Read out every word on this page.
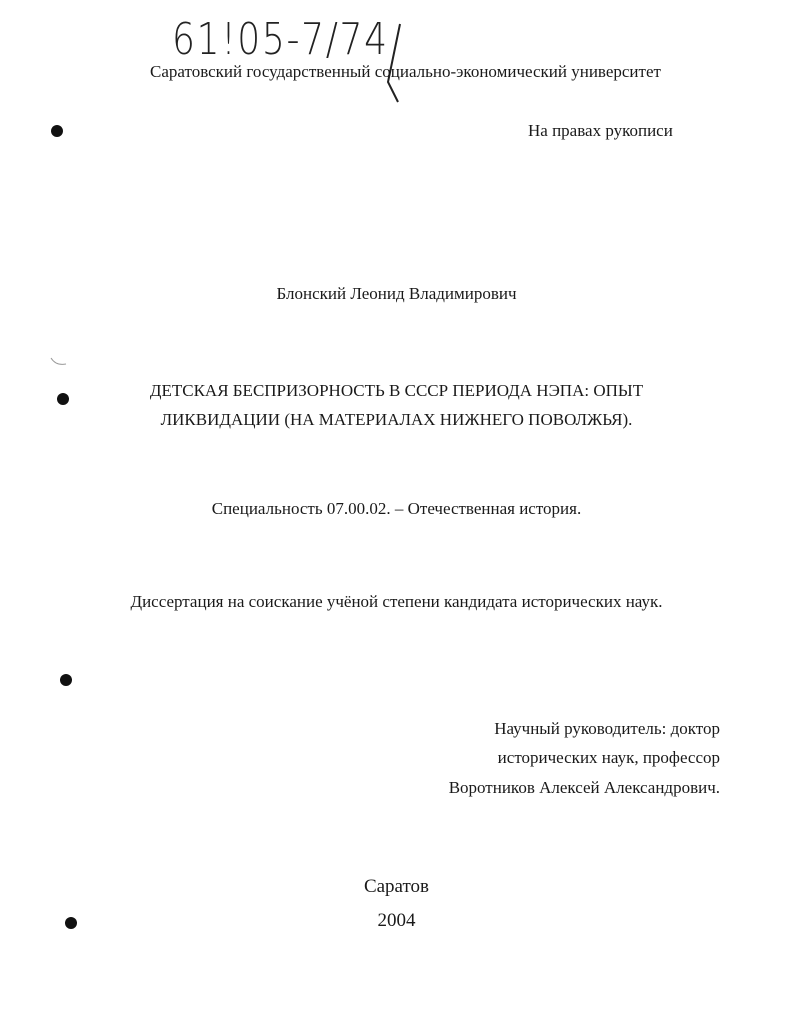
61!05-7/74
Саратовский государственный социально-экономический университет
На правах рукописи
Блонский Леонид Владимирович
ДЕТСКАЯ БЕСПРИЗОРНОСТЬ В СССР ПЕРИОДА НЭПА: ОПЫТ
ЛИКВИДАЦИИ (НА МАТЕРИАЛАХ НИЖНЕГО ПОВОЛЖЬЯ).
Специальность 07.00.02. – Отечественная история.
Диссертация на соискание учёной степени кандидата исторических наук.
Научный руководитель: доктор
исторических наук, профессор
Воротников Алексей Александрович.
Саратов
2004
